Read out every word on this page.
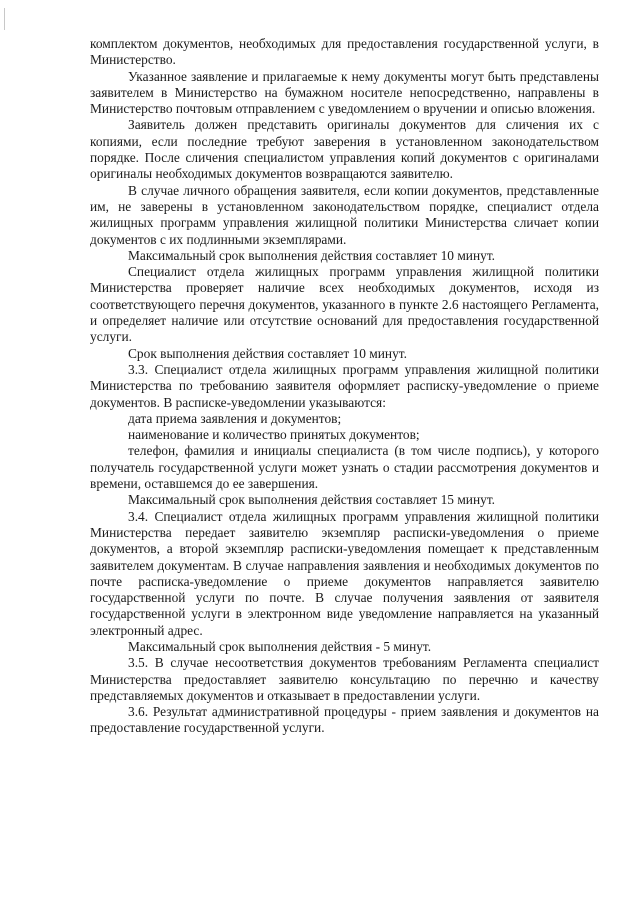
комплектом документов, необходимых для предоставления государственной услуги, в Министерство.

Указанное заявление и прилагаемые к нему документы могут быть представлены заявителем в Министерство на бумажном носителе непосредственно, направлены в Министерство почтовым отправлением с уведомлением о вручении и описью вложения.

Заявитель должен представить оригиналы документов для сличения их с копиями, если последние требуют заверения в установленном законодательством порядке. После сличения специалистом управления копий документов с оригиналами оригиналы необходимых документов возвращаются заявителю.

В случае личного обращения заявителя, если копии документов, представленные им, не заверены в установленном законодательством порядке, специалист отдела жилищных программ управления жилищной политики Министерства сличает копии документов с их подлинными экземплярами.

Максимальный срок выполнения действия составляет 10 минут.

Специалист отдела жилищных программ управления жилищной политики Министерства проверяет наличие всех необходимых документов, исходя из соответствующего перечня документов, указанного в пункте 2.6 настоящего Регламента, и определяет наличие или отсутствие оснований для предоставления государственной услуги.

Срок выполнения действия составляет 10 минут.

3.3. Специалист отдела жилищных программ управления жилищной политики Министерства по требованию заявителя оформляет расписку-уведомление о приеме документов. В расписке-уведомлении указываются:

дата приема заявления и документов;

наименование и количество принятых документов;

телефон, фамилия и инициалы специалиста (в том числе подпись), у которого получатель государственной услуги может узнать о стадии рассмотрения документов и времени, оставшемся до ее завершения.

Максимальный срок выполнения действия составляет 15 минут.

3.4. Специалист отдела жилищных программ управления жилищной политики Министерства передает заявителю экземпляр расписки-уведомления о приеме документов, а второй экземпляр расписки-уведомления помещает к представленным заявителем документам. В случае направления заявления и необходимых документов по почте расписка-уведомление о приеме документов направляется заявителю государственной услуги по почте. В случае получения заявления от заявителя государственной услуги в электронном виде уведомление направляется на указанный электронный адрес.

Максимальный срок выполнения действия - 5 минут.

3.5. В случае несоответствия документов требованиям Регламента специалист Министерства предоставляет заявителю консультацию по перечню и качеству представляемых документов и отказывает в предоставлении услуги.

3.6. Результат административной процедуры - прием заявления и документов на предоставление государственной услуги.
